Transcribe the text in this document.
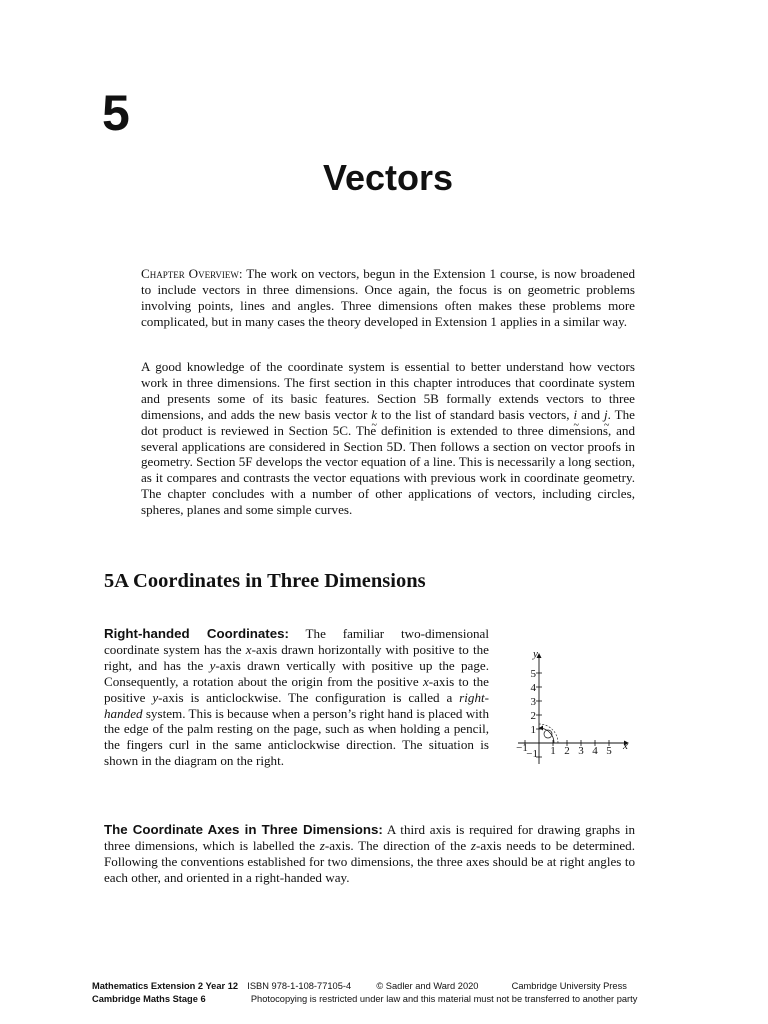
5
Vectors

Chapter Overview: The work on vectors, begun in the Extension 1 course, is now broadened to include vectors in three dimensions. Once again, the focus is on geometric problems involving points, lines and angles. Three dimensions often makes these problems more complicated, but in many cases the theory developed in Extension 1 applies in a similar way.

A good knowledge of the coordinate system is essential to better understand how vectors work in three dimensions. The first section in this chapter introduces that coordinate system and presents some of its basic features. Section 5B formally extends vectors to three dimensions, and adds the new basis vector k ~ to the list of standard basis vectors, i ~ and j ~. The dot product is reviewed in Section 5C. The definition is extended to three dimensions, and several applications are considered in Section 5D. Then follows a section on vector proofs in geometry. Section 5F develops the vector equation of a line. This is necessarily a long section, as it compares and contrasts the vector equations with previous work in coordinate geometry. The chapter concludes with a number of other applications of vectors, including circles, spheres, planes and some simple curves.

5A Coordinates in Three Dimensions

Right-handed Coordinates: The familiar two-dimensional coordinate system has the x-axis drawn horizontally with positive to the right, and has the y-axis drawn vertically with positive up the page. Consequently, a rotation about the origin from the positive x-axis to the positive y-axis is anticlockwise. The configuration is called a right-handed system. This is because when a person’s right hand is placed with the edge of the palm resting on the page, such as when holding a pencil, the fingers curl in the same anticlockwise direction. The situation is shown in the diagram on the right.

1 2 3 4 5
−1
1
2
3
4
5
−1
x
y

The Coordinate Axes in Three Dimensions: A third axis is required for drawing graphs in three dimensions, which is labelled the z-axis. The direction of the z-axis needs to be determined. Following the conventions established for two dimensions, the three axes should be at right angles to each other, and oriented in a right-handed way.

Mathematics Extension 2 Year 12 ISBN 978-1-108-77105-4	© Sadler and Ward 2020	Cambridge University Press
Cambridge Maths Stage 6	Photocopying is restricted under law and this material must not be transferred to another party
